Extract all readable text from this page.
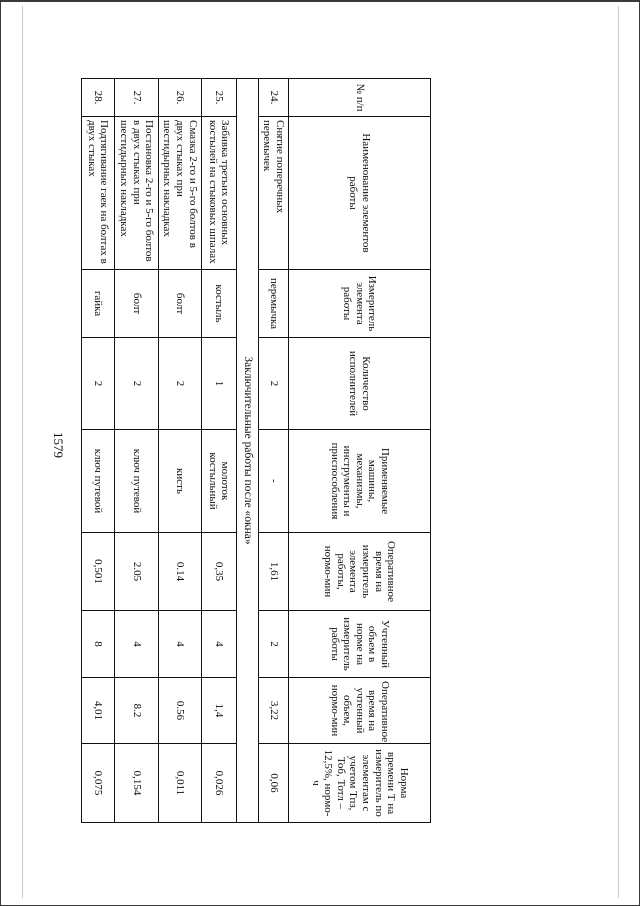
1579
№ п/п	Наименование элементов работы	Измеритель элемента работы	Количество исполнителей	Применяемые машины, механизмы, инструменты и приспособления	Оперативное время на измеритель элемента работы, нормо-мин	Учтенный объем в норме на измеритель работы	Оперативное время на учтенный объем, нормо-мин	Норма времени Т на измеритель по элементам с учетом Тпз, Тоб, Тотл – 12,5%, нормо-ч
24.	Снятие поперечных перемычек	перемычка	2	-	1,61	2	3,22	0,06
Заключительные работы после «окна»								
25.	Забивка третьих основных костылей на стыковых шпалах	костыль	1	молоток костыльный	0,35	4	1,4	0,026
26.	Смазка 2-го и 5-го болтов в двух стыках при шестидырных накладках	болт	2	кисть	0.14	4	0.56	0,011
27.	Постановка 2-го и 5-го болтов в двух стыках при шестидырных накладках	болт	2	ключ путевой	2.05	4	8.2	0,154
28.	Подтягивание гаек на болтах в двух стыках	гайка	2	ключ путевой	0,501	8	4,01	0,075
